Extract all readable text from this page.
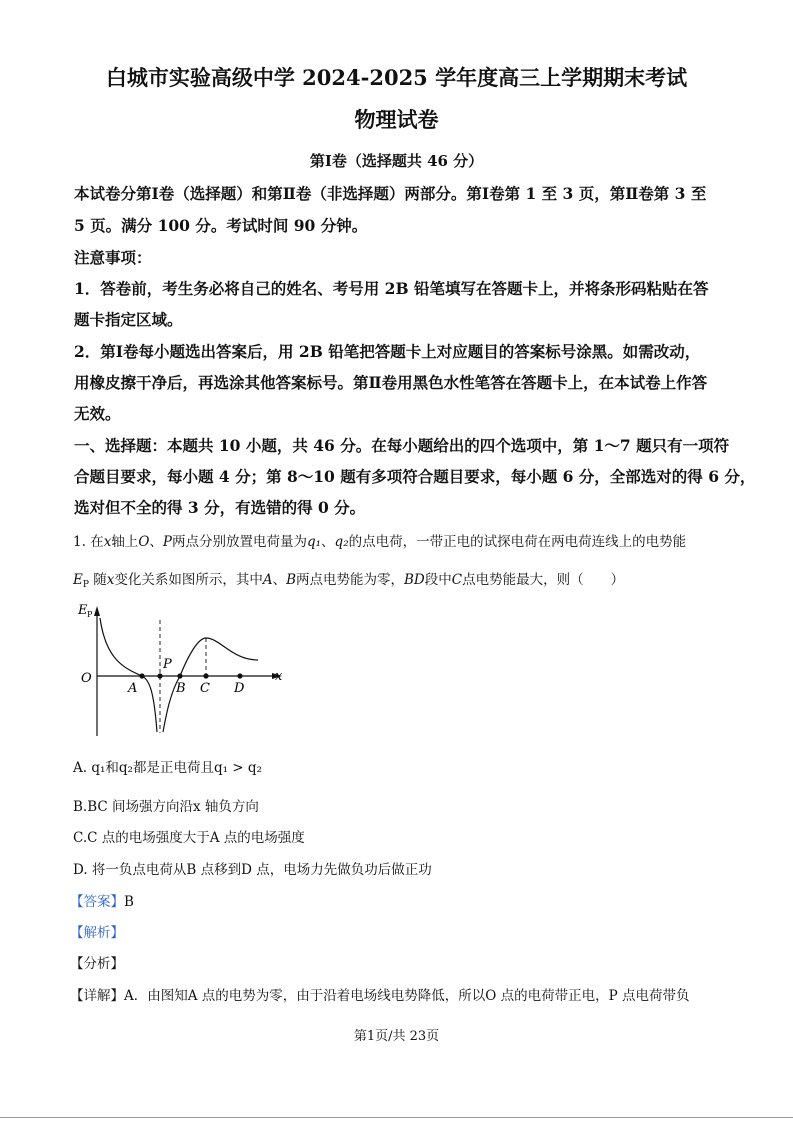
白城市实验高级中学 2024-2025 学年度高三上学期期末考试
物理试卷
第Ⅰ卷（选择题共 46 分）
本试卷分第Ⅰ卷（选择题）和第Ⅱ卷（非选择题）两部分。第Ⅰ卷第 1 至 3 页，第Ⅱ卷第 3 至
5 页。满分 100 分。考试时间 90 分钟。
注意事项：
1．答卷前，考生务必将自己的姓名、考号用 2B 铅笔填写在答题卡上，并将条形码粘贴在答
题卡指定区域。
2．第Ⅰ卷每小题选出答案后，用 2B 铅笔把答题卡上对应题目的答案标号涂黑。如需改动，
用橡皮擦干净后，再选涂其他答案标号。第Ⅱ卷用黑色水性笔答在答题卡上，在本试卷上作答
无效。
一、选择题：本题共 10 小题，共 46 分。在每小题给出的四个选项中，第 1～7 题只有一项符
合题目要求，每小题 4 分；第 8～10 题有多项符合题目要求，每小题 6 分，全部选对的得 6 分，
选对但不全的得 3 分，有选错的得 0 分。
1. 在x轴上O、P两点分别放置电荷量为q₁、q₂的点电荷，一带正电的试探电荷在两电荷连线上的电势能
$E_P$ 随x变化关系如图所示，其中A、B两点电势能为零，BD段中C点电势能最大，则（　　）
E P
x
O
A
P
B C D
A. q₁和q₂都是正电荷且q₁ > q₂
B.BC 间场强方向沿x 轴负方向
C.C 点的电场强度大于A 点的电场强度
D. 将一负点电荷从B 点移到D 点，电场力先做负功后做正功
【答案】B
【解析】
【分析】
【详解】A．由图知A 点的电势为零，由于沿着电场线电势降低，所以O 点的电荷带正电，P 点电荷带负
第1页/共 23页
